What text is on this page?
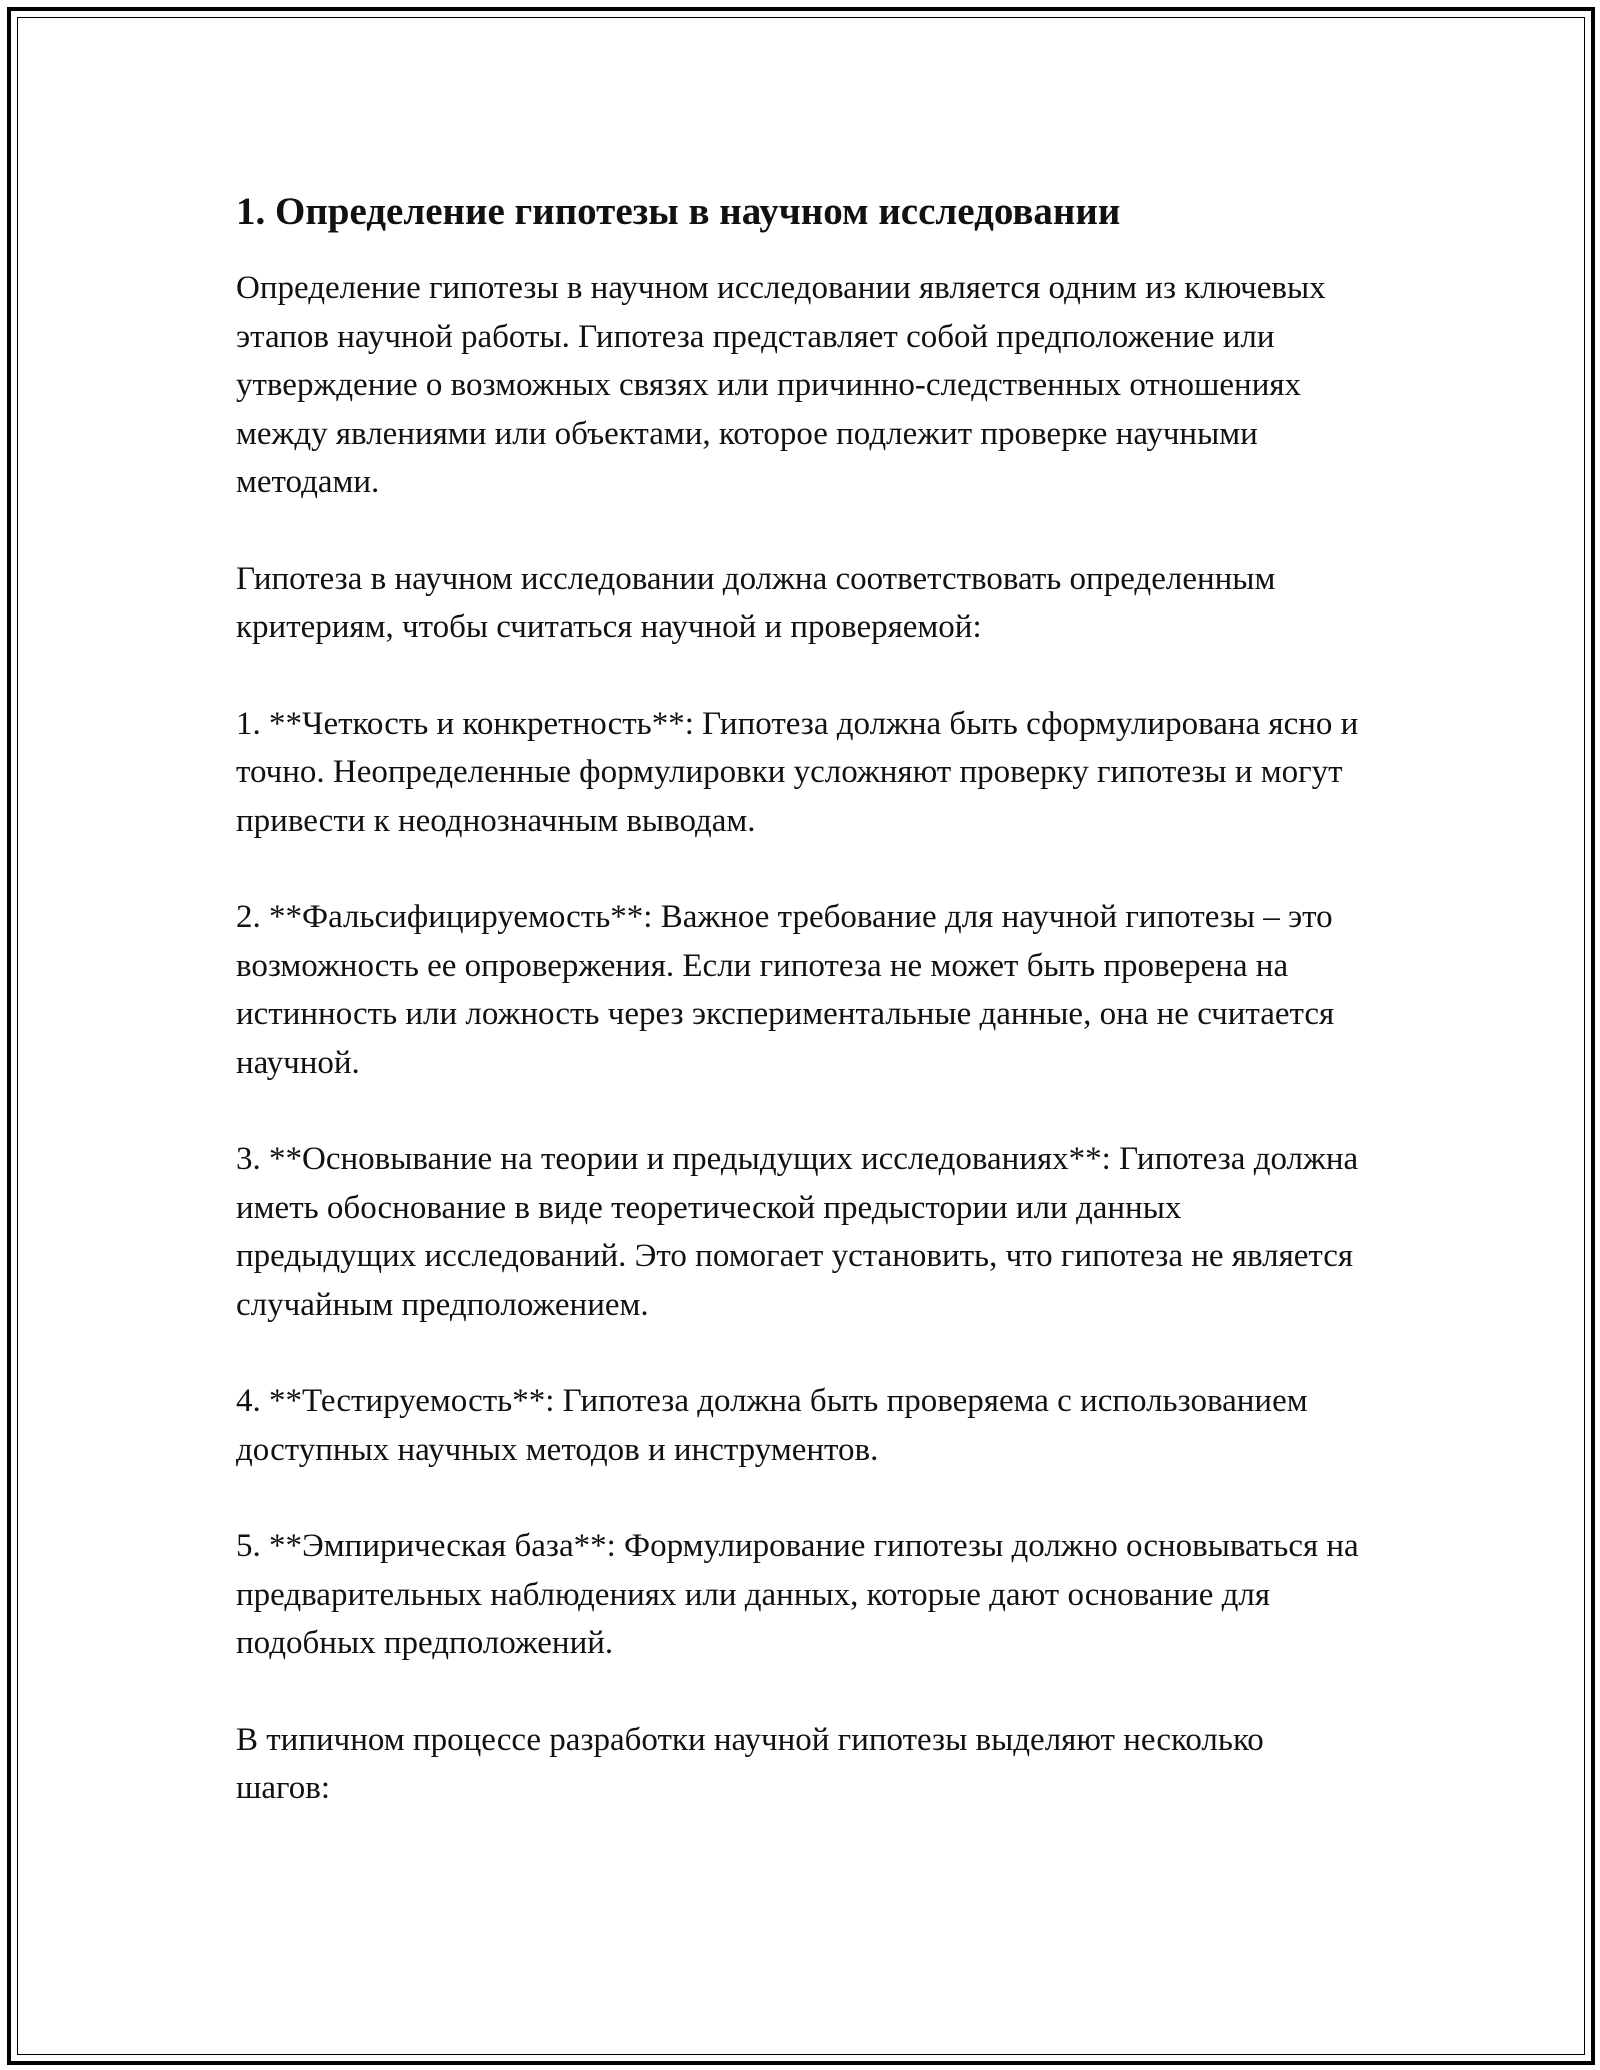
1. Определение гипотезы в научном исследовании

Определение гипотезы в научном исследовании является одним из ключевых этапов научной работы. Гипотеза представляет собой предположение или утверждение о возможных связях или причинно-следственных отношениях между явлениями или объектами, которое подлежит проверке научными методами.

Гипотеза в научном исследовании должна соответствовать определенным критериям, чтобы считаться научной и проверяемой:

1. **Четкость и конкретность**: Гипотеза должна быть сформулирована ясно и точно. Неопределенные формулировки усложняют проверку гипотезы и могут привести к неоднозначным выводам.

2. **Фальсифицируемость**: Важное требование для научной гипотезы – это возможность ее опровержения. Если гипотеза не может быть проверена на истинность или ложность через экспериментальные данные, она не считается научной.

3. **Основывание на теории и предыдущих исследованиях**: Гипотеза должна иметь обоснование в виде теоретической предыстории или данных предыдущих исследований. Это помогает установить, что гипотеза не является случайным предположением.

4. **Тестируемость**: Гипотеза должна быть проверяема с использованием доступных научных методов и инструментов.

5. **Эмпирическая база**: Формулирование гипотезы должно основываться на предварительных наблюдениях или данных, которые дают основание для подобных предположений.

В типичном процессе разработки научной гипотезы выделяют несколько шагов:
